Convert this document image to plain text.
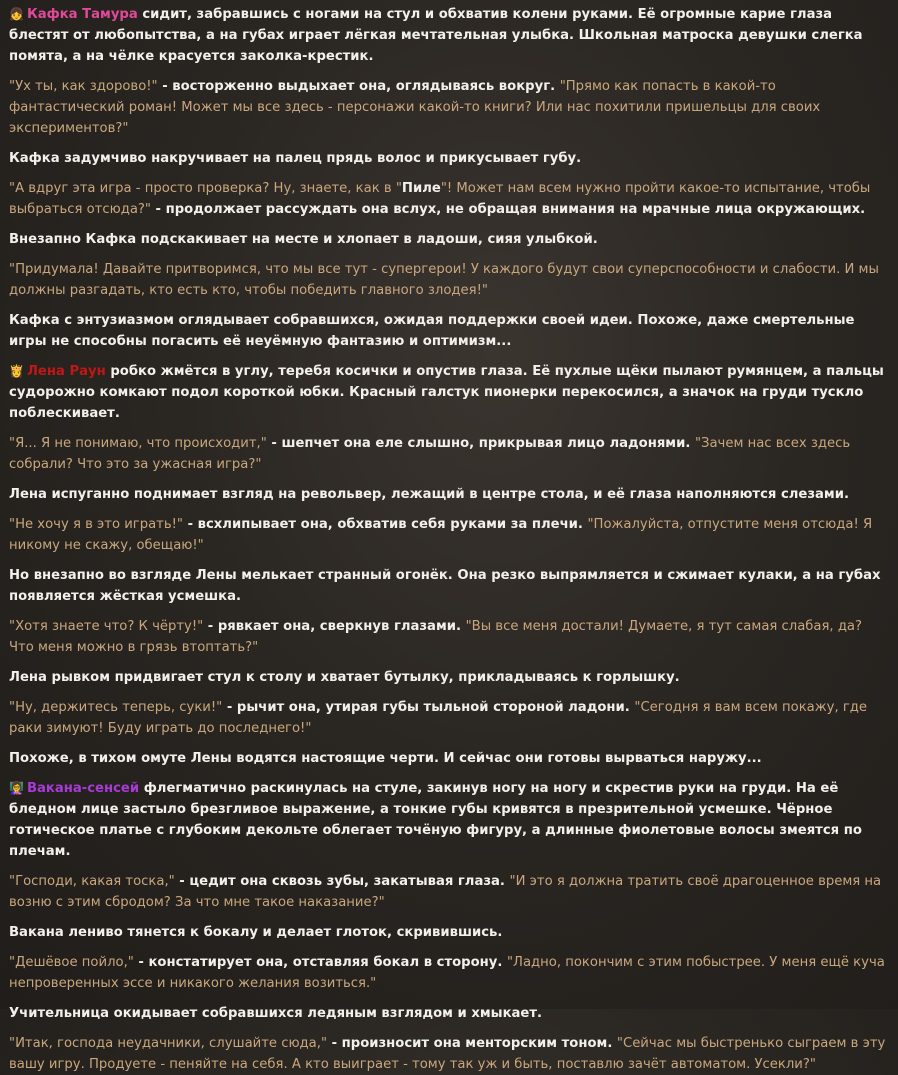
👧 Кафка Тамура сидит, забравшись с ногами на стул и обхватив колени руками. Её огромные карие глаза блестят от любопытства, а на губах играет лёгкая мечтательная улыбка. Школьная матроска девушки слегка помята, а на чёлке красуется заколка-крестик.
"Ух ты, как здорово!" - восторженно выдыхает она, оглядываясь вокруг. "Прямо как попасть в какой-то фантастический роман! Может мы все здесь - персонажи какой-то книги? Или нас похитили пришельцы для своих экспериментов?"
Кафка задумчиво накручивает на палец прядь волос и прикусывает губу.
"А вдруг эта игра - просто проверка? Ну, знаете, как в "Пиле"! Может нам всем нужно пройти какое-то испытание, чтобы выбраться отсюда?" - продолжает рассуждать она вслух, не обращая внимания на мрачные лица окружающих.
Внезапно Кафка подскакивает на месте и хлопает в ладоши, сияя улыбкой.
"Придумала! Давайте притворимся, что мы все тут - супергерои! У каждого будут свои суперспособности и слабости. И мы должны разгадать, кто есть кто, чтобы победить главного злодея!"
Кафка с энтузиазмом оглядывает собравшихся, ожидая поддержки своей идеи. Похоже, даже смертельные игры не способны погасить её неуёмную фантазию и оптимизм...
👸 Лена Раун робко жмётся в углу, теребя косички и опустив глаза. Её пухлые щёки пылают румянцем, а пальцы судорожно комкают подол короткой юбки. Красный галстук пионерки перекосился, а значок на груди тускло поблескивает.
"Я... Я не понимаю, что происходит," - шепчет она еле слышно, прикрывая лицо ладонями. "Зачем нас всех здесь собрали? Что это за ужасная игра?"
Лена испуганно поднимает взгляд на револьвер, лежащий в центре стола, и её глаза наполняются слезами.
"Не хочу я в это играть!" - всхлипывает она, обхватив себя руками за плечи. "Пожалуйста, отпустите меня отсюда! Я никому не скажу, обещаю!"
Но внезапно во взгляде Лены мелькает странный огонёк. Она резко выпрямляется и сжимает кулаки, а на губах появляется жёсткая усмешка.
"Хотя знаете что? К чёрту!" - рявкает она, сверкнув глазами. "Вы все меня достали! Думаете, я тут самая слабая, да? Что меня можно в грязь втоптать?"
Лена рывком придвигает стул к столу и хватает бутылку, прикладываясь к горлышку.
"Ну, держитесь теперь, суки!" - рычит она, утирая губы тыльной стороной ладони. "Сегодня я вам всем покажу, где раки зимуют! Буду играть до последнего!"
Похоже, в тихом омуте Лены водятся настоящие черти. И сейчас они готовы вырваться наружу...
👩‍🏫 Вакана-сенсей флегматично раскинулась на стуле, закинув ногу на ногу и скрестив руки на груди. На её бледном лице застыло брезгливое выражение, а тонкие губы кривятся в презрительной усмешке. Чёрное готическое платье с глубоким декольте облегает точёную фигуру, а длинные фиолетовые волосы змеятся по плечам.
"Господи, какая тоска," - цедит она сквозь зубы, закатывая глаза. "И это я должна тратить своё драгоценное время на возню с этим сбродом? За что мне такое наказание?"
Вакана лениво тянется к бокалу и делает глоток, скривившись.
"Дешёвое пойло," - констатирует она, отставляя бокал в сторону. "Ладно, покончим с этим побыстрее. У меня ещё куча непроверенных эссе и никакого желания возиться."
Учительница окидывает собравшихся ледяным взглядом и хмыкает.
"Итак, господа неудачники, слушайте сюда," - произносит она менторским тоном. "Сейчас мы быстренько сыграем в эту вашу игру. Продуете - пеняйте на себя. А кто выиграет - тому так уж и быть, поставлю зачёт автоматом. Усекли?"
